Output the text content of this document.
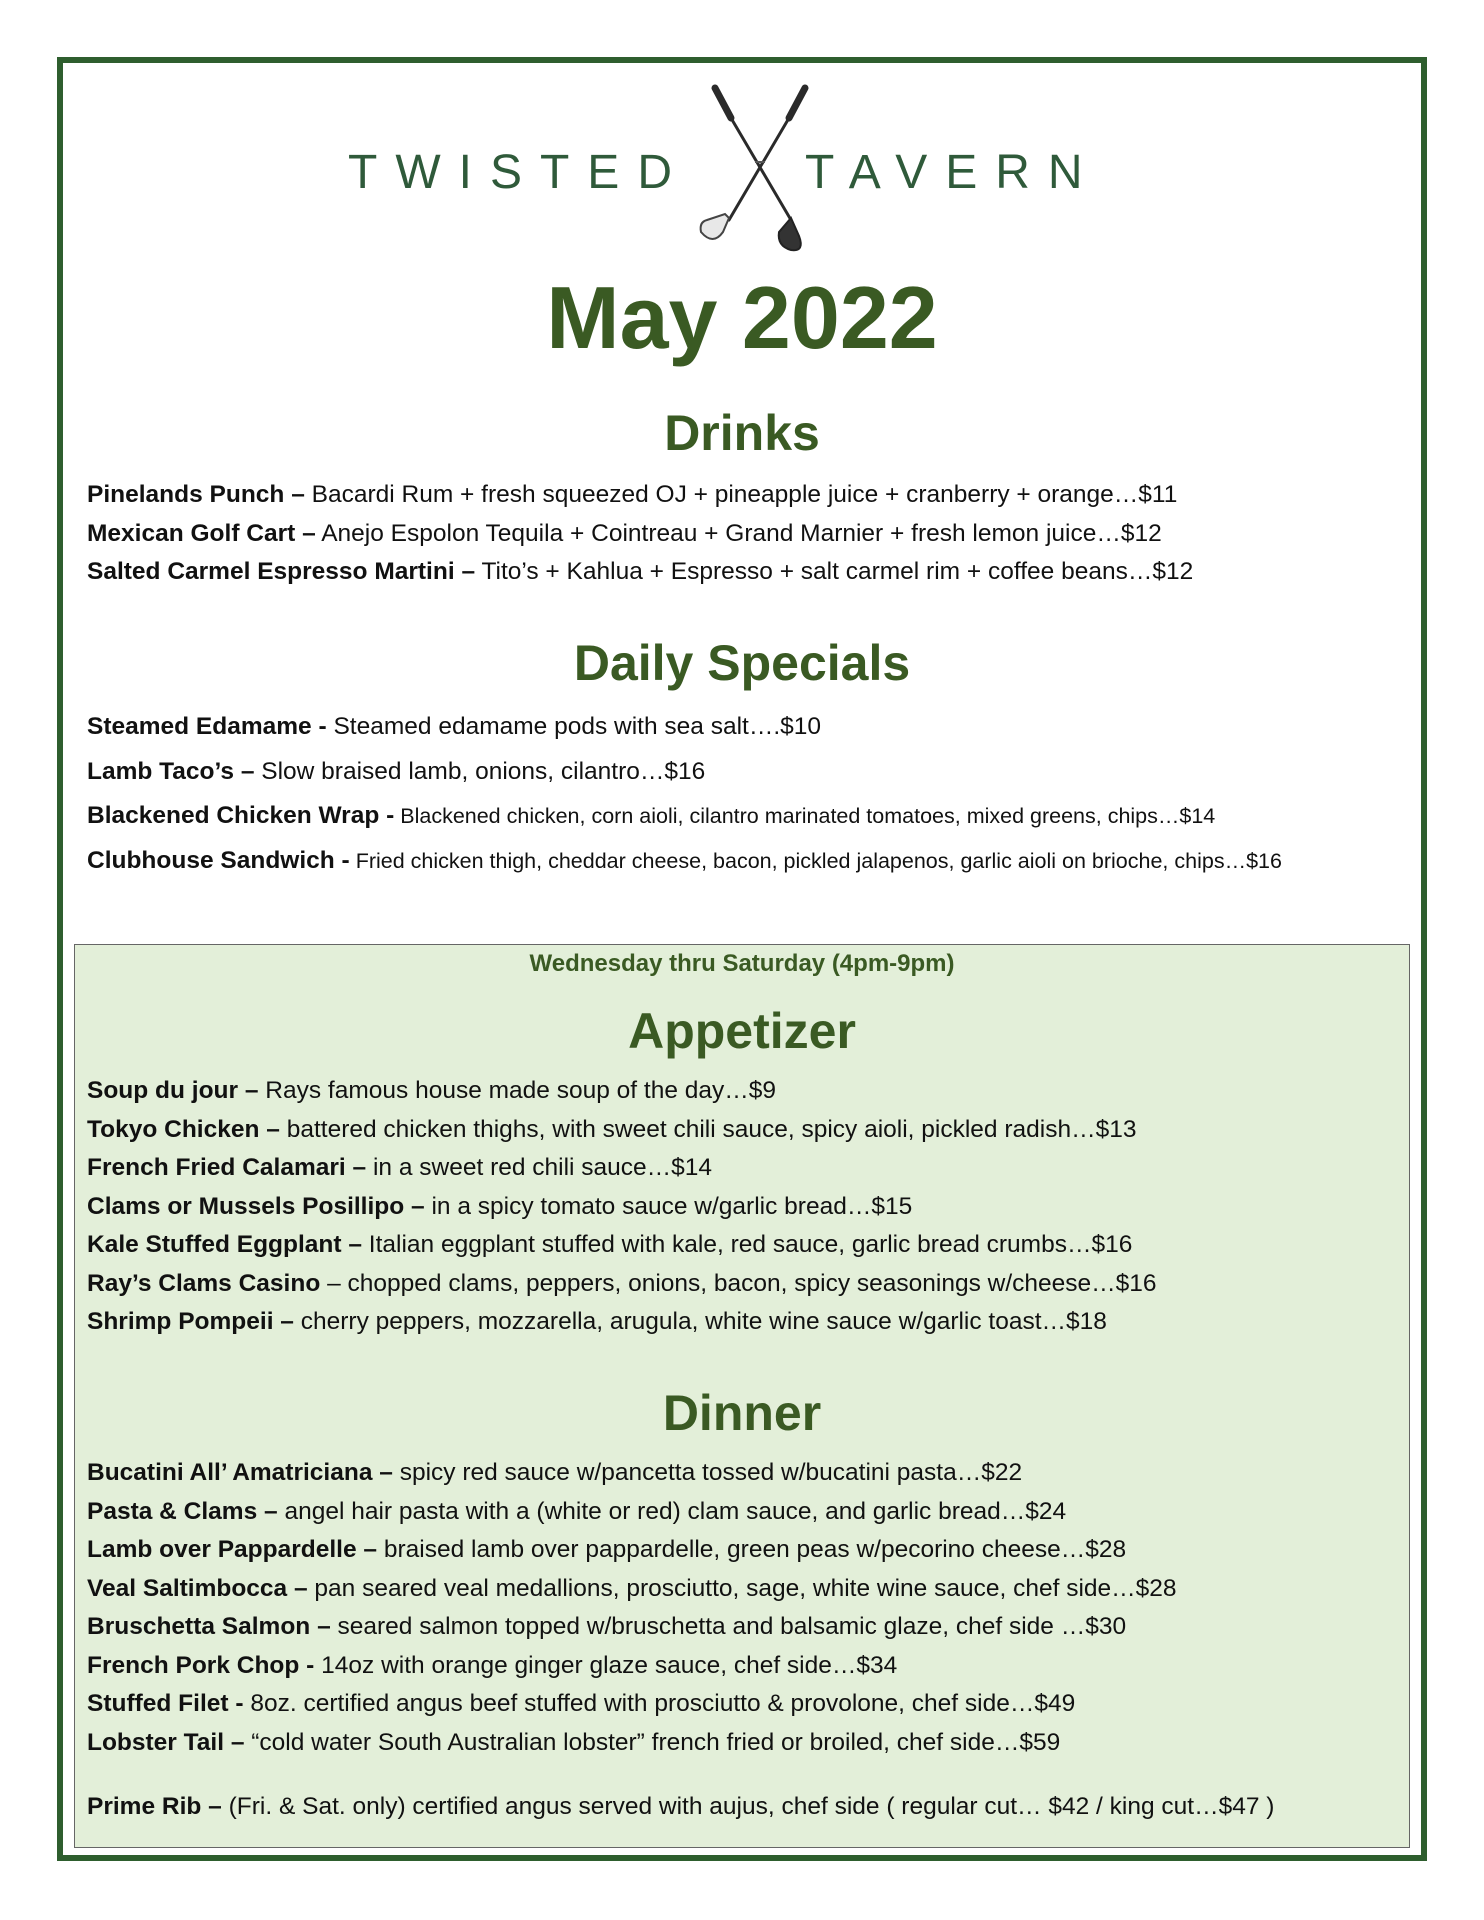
TWISTED TAVERN
May 2022
Drinks
Pinelands Punch – Bacardi Rum + fresh squeezed OJ + pineapple juice + cranberry + orange…$11
Mexican Golf Cart – Anejo Espolon Tequila + Cointreau + Grand Marnier + fresh lemon juice…$12
Salted Carmel Espresso Martini – Tito’s + Kahlua + Espresso + salt carmel rim + coffee beans…$12
Daily Specials
Steamed Edamame - Steamed edamame pods with sea salt….$10
Lamb Taco’s – Slow braised lamb, onions, cilantro…$16
Blackened Chicken Wrap - Blackened chicken, corn aioli, cilantro marinated tomatoes, mixed greens, chips…$14
Clubhouse Sandwich - Fried chicken thigh, cheddar cheese, bacon, pickled jalapenos, garlic aioli on brioche, chips…$16
Wednesday thru Saturday (4pm-9pm)
Appetizer
Soup du jour – Rays famous house made soup of the day…$9
Tokyo Chicken – battered chicken thighs, with sweet chili sauce, spicy aioli, pickled radish…$13
French Fried Calamari – in a sweet red chili sauce…$14
Clams or Mussels Posillipo – in a spicy tomato sauce w/garlic bread…$15
Kale Stuffed Eggplant – Italian eggplant stuffed with kale, red sauce, garlic bread crumbs…$16
Ray’s Clams Casino – chopped clams, peppers, onions, bacon, spicy seasonings w/cheese…$16
Shrimp Pompeii – cherry peppers, mozzarella, arugula, white wine sauce w/garlic toast…$18
Dinner
Bucatini All’ Amatriciana – spicy red sauce w/pancetta tossed w/bucatini pasta…$22
Pasta & Clams – angel hair pasta with a (white or red) clam sauce, and garlic bread…$24
Lamb over Pappardelle – braised lamb over pappardelle, green peas w/pecorino cheese…$28
Veal Saltimbocca – pan seared veal medallions, prosciutto, sage, white wine sauce, chef side…$28
Bruschetta Salmon – seared salmon topped w/bruschetta and balsamic glaze, chef side …$30
French Pork Chop - 14oz with orange ginger glaze sauce, chef side…$34
Stuffed Filet - 8oz. certified angus beef stuffed with prosciutto & provolone, chef side…$49
Lobster Tail – “cold water South Australian lobster” french fried or broiled, chef side…$59
Prime Rib – (Fri. & Sat. only) certified angus served with aujus, chef side ( regular cut… $42 / king cut…$47 )
